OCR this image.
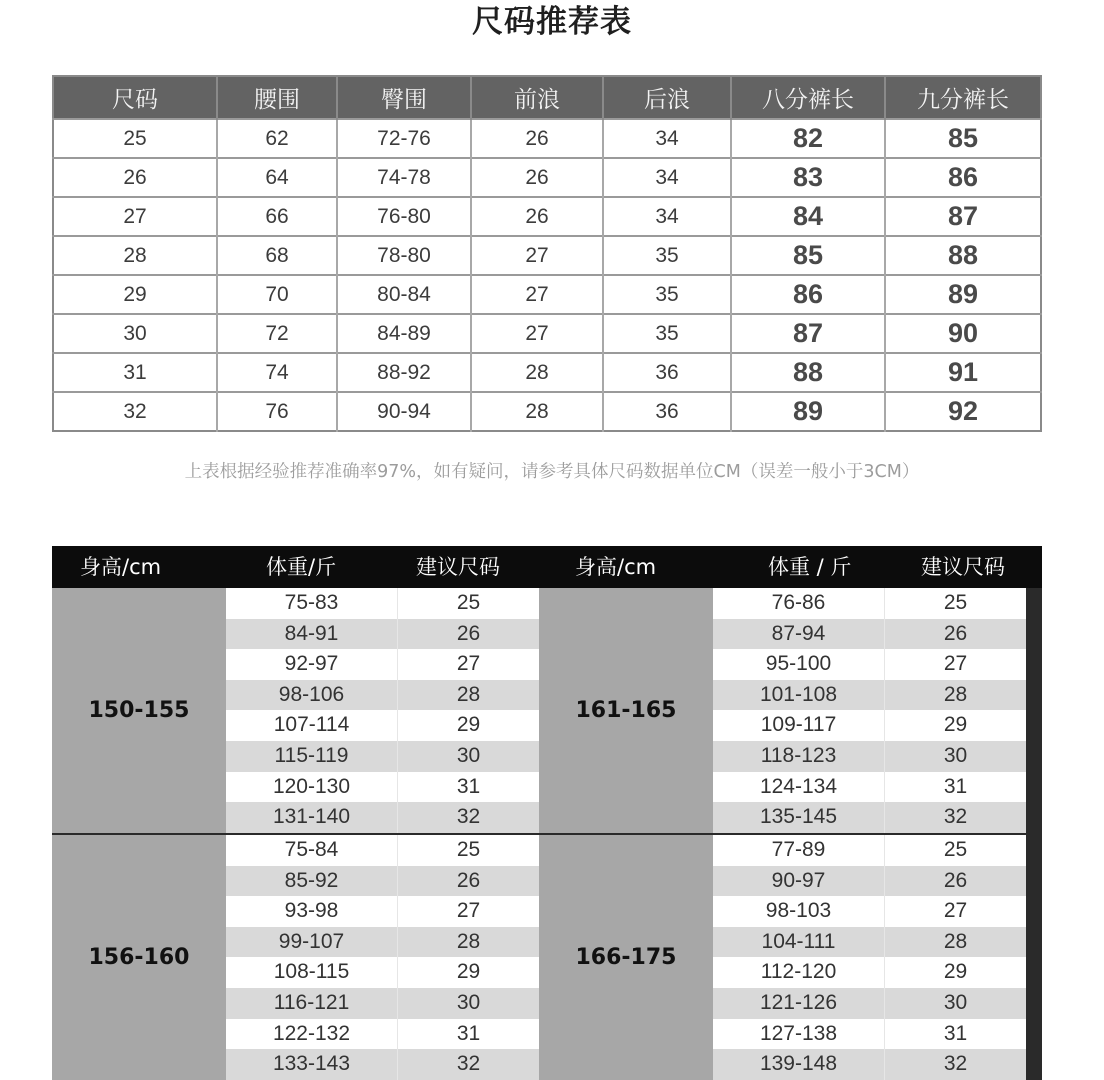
尺码推荐表
尺码	腰围	臀围	前浪	后浪	八分裤长	九分裤长
25	62	72-76	26	34	82	85
26	64	74-78	26	34	83	86
27	66	76-80	26	34	84	87
28	68	78-80	27	35	85	88
29	70	80-84	27	35	86	89
30	72	84-89	27	35	87	90
31	74	88-92	28	36	88	91
32	76	90-94	28	36	89	92
上表根据经验推荐准确率97%，如有疑问，请参考具体尺码数据单位CM（误差一般小于3CM）
身高/cm	体重/斤	建议尺码	身高/cm	体重 / 斤	建议尺码
150-155
75-83	25
84-91	26
92-97	27
98-106	28
107-114	29
115-119	30
120-130	31
131-140	32
161-165
76-86	25
87-94	26
95-100	27
101-108	28
109-117	29
118-123	30
124-134	31
135-145	32
156-160
75-84	25
85-92	26
93-98	27
99-107	28
108-115	29
116-121	30
122-132	31
133-143	32
166-175
77-89	25
90-97	26
98-103	27
104-111	28
112-120	29
121-126	30
127-138	31
139-148	32
